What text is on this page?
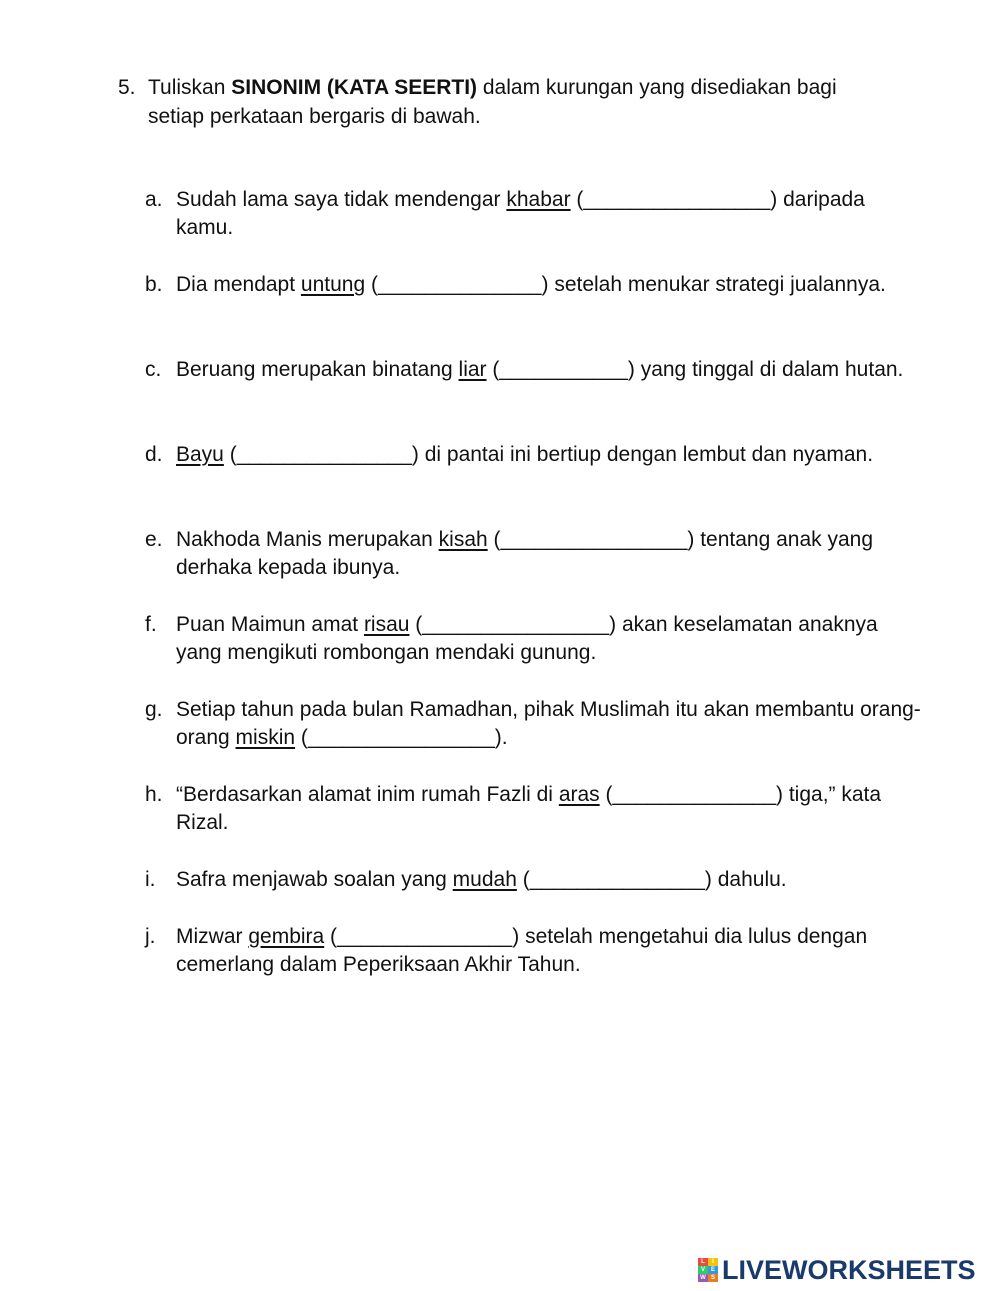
5. Tuliskan SINONIM (KATA SEERTI) dalam kurungan yang disediakan bagi setiap perkataan bergaris di bawah.
a. Sudah lama saya tidak mendengar khabar (________________) daripada kamu.
b. Dia mendapt untung (______________) setelah menukar strategi jualannya.
c. Beruang merupakan binatang liar (___________) yang tinggal di dalam hutan.
d. Bayu (_______________) di pantai ini bertiup dengan lembut dan nyaman.
e. Nakhoda Manis merupakan kisah (________________) tentang anak yang derhaka kepada ibunya.
f. Puan Maimun amat risau (________________) akan keselamatan anaknya yang mengikuti rombongan mendaki gunung.
g. Setiap tahun pada bulan Ramadhan, pihak Muslimah itu akan membantu orang-orang miskin (________________).
h. “Berdasarkan alamat inim rumah Fazli di aras (______________) tiga,” kata Rizal.
i. Safra menjawab soalan yang mudah (_______________) dahulu.
j. Mizwar gembira (_______________) setelah mengetahui dia lulus dengan cemerlang dalam Peperiksaan Akhir Tahun.
L	I
V E
W S LIVEWORKSHEETS
